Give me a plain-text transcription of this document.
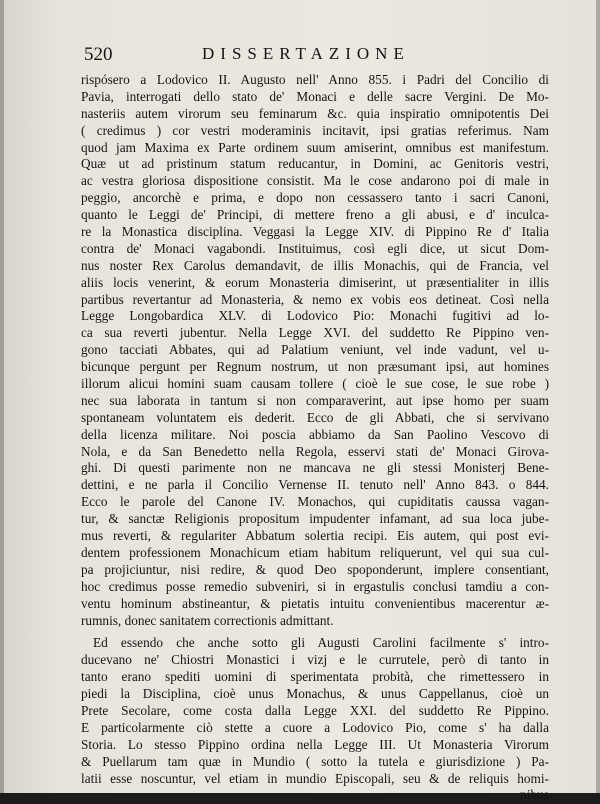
520	DISSERTAZIONE
rispósero a Lodovico II. Augusto nell' Anno 855. i Padri del Concilio di
Pavia, interrogati dello stato de' Monaci e delle sacre Vergini. De Mo-
nasteriis autem virorum seu feminarum &c. quia inspiratio omnipotentis Dei
( credimus ) cor vestri moderaminis incitavit, ipsi gratias referimus. Nam
quod jam Maxima ex Parte ordinem suum amiserint, omnibus est manifestum.
Quæ ut ad pristinum statum reducantur, in Domini, ac Genitoris vestri,
ac vestra gloriosa dispositione consistit. Ma le cose andarono poi di male in
peggio, ancorchè e prima, e dopo non cessassero tanto i sacri Canoni,
quanto le Leggi de' Principi, di mettere freno a gli abusi, e d' inculca-
re la Monastica disciplina. Veggasi la Legge XIV. di Pippino Re d' Italia
contra de' Monaci vagabondi. Instituimus, così egli dice, ut sicut Dom-
nus noster Rex Carolus demandavit, de illis Monachis, qui de Francia, vel
aliis locis venerint, & eorum Monasteria dimiserint, ut præsentialiter in illis
partibus revertantur ad Monasteria, & nemo ex vobis eos detineat. Così nella
Legge Longobardica XLV. di Lodovico Pio: Monachi fugitivi ad lo-
ca sua reverti jubentur. Nella Legge XVI. del suddetto Re Pippino ven-
gono tacciati Abbates, qui ad Palatium veniunt, vel inde vadunt, vel u-
bicunque pergunt per Regnum nostrum, ut non præsumant ipsi, aut homines
illorum alicui homini suam causam tollere ( cioè le sue cose, le sue robe )
nec sua laborata in tantum si non comparaverint, aut ipse homo per suam
spontaneam voluntatem eis dederit. Ecco de gli Abbati, che si servivano
della licenza militare. Noi poscia abbiamo da San Paolino Vescovo di
Nola, e da San Benedetto nella Regola, esservi stati de' Monaci Girova-
ghi. Di questi parimente non ne mancava ne gli stessi Monisterj Bene-
dettini, e ne parla il Concilio Vernense II. tenuto nell' Anno 843. o 844.
Ecco le parole del Canone IV. Monachos, qui cupiditatis caussa vagan-
tur, & sanctæ Religionis propositum impudenter infamant, ad sua loca jube-
mus reverti, & regulariter Abbatum solertia recipi. Eis autem, qui post evi-
dentem professionem Monachicum etiam habitum reliquerunt, vel qui sua cul-
pa projiciuntur, nisi redire, & quod Deo spoponderunt, implere consentiant,
hoc credimus posse remedio subveniri, si in ergastulis conclusi tamdiu a con-
ventu hominum abstineantur, & pietatis intuitu convenientibus macerentur æ-
rumnis, donec sanitatem correctionis admittant.
Ed essendo che anche sotto gli Augusti Carolini facilmente s' intro-
ducevano ne' Chiostri Monastici i vizj e le currutele, però di tanto in
tanto erano spediti uomini di sperimentata probità, che rimettessero in
piedi la Disciplina, cioè unus Monachus, & unus Cappellanus, cioè un
Prete Secolare, come costa dalla Legge XXI. del suddetto Re Pippino.
E particolarmente ciò stette a cuore a Lodovico Pio, come s' ha dalla
Storia. Lo stesso Pippino ordina nella Legge III. Ut Monasteria Virorum
& Puellarum tam quæ in Mundio ( sotto la tutela e giurisdizione ) Pa-
latii esse noscuntur, vel etiam in mundio Episcopali, seu & de reliquis homi-
nibus
